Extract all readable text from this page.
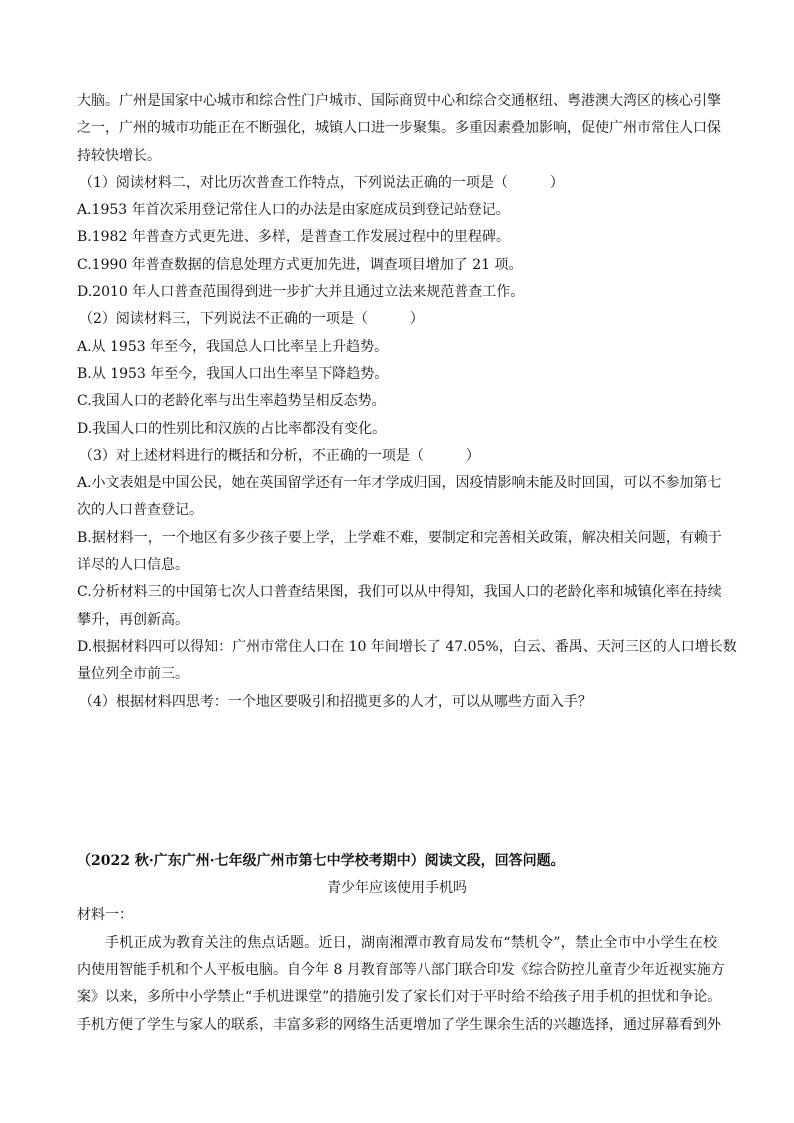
大脑。广州是国家中心城市和综合性门户城市、国际商贸中心和综合交通枢纽、粤港澳大湾区的核心引擎
之一，广州的城市功能正在不断强化，城镇人口进一步聚集。多重因素叠加影响，促使广州市常住人口保
持较快增长。
（1）阅读材料二，对比历次普查工作特点，下列说法正确的一项是（　　　）
A.1953 年首次采用登记常住人口的办法是由家庭成员到登记站登记。
B.1982 年普查方式更先进、多样，是普查工作发展过程中的里程碑。
C.1990 年普查数据的信息处理方式更加先进，调查项目增加了 21 项。
D.2010 年人口普查范围得到进一步扩大并且通过立法来规范普查工作。
（2）阅读材料三，下列说法不正确的一项是（　　　）
A.从 1953 年至今，我国总人口比率呈上升趋势。
B.从 1953 年至今，我国人口出生率呈下降趋势。
C.我国人口的老龄化率与出生率趋势呈相反态势。
D.我国人口的性别比和汉族的占比率都没有变化。
（3）对上述材料进行的概括和分析，不正确的一项是（　　　）
A.小文表姐是中国公民，她在英国留学还有一年才学成归国，因疫情影响未能及时回国，可以不参加第七
次的人口普查登记。
B.据材料一，一个地区有多少孩子要上学，上学难不难，要制定和完善相关政策，解决相关问题，有赖于
详尽的人口信息。
C.分析材料三的中国第七次人口普查结果图，我们可以从中得知，我国人口的老龄化率和城镇化率在持续
攀升，再创新高。
D.根据材料四可以得知：广州市常住人口在 10 年间增长了 47.05%，白云、番禺、天河三区的人口增长数
量位列全市前三。
（4）根据材料四思考：一个地区要吸引和招揽更多的人才，可以从哪些方面入手？
（2022 秋·广东广州·七年级广州市第七中学校考期中）阅读文段，回答问题。
青少年应该使用手机吗
材料一：
手机正成为教育关注的焦点话题。近日，湖南湘潭市教育局发布“禁机令”，禁止全市中小学生在校
内使用智能手机和个人平板电脑。自今年 8 月教育部等八部门联合印发《综合防控儿童青少年近视实施方
案》以来，多所中小学禁止“手机进课堂”的措施引发了家长们对于平时给不给孩子用手机的担忧和争论。
手机方便了学生与家人的联系，丰富多彩的网络生活更增加了学生课余生活的兴趣选择，通过屏幕看到外
